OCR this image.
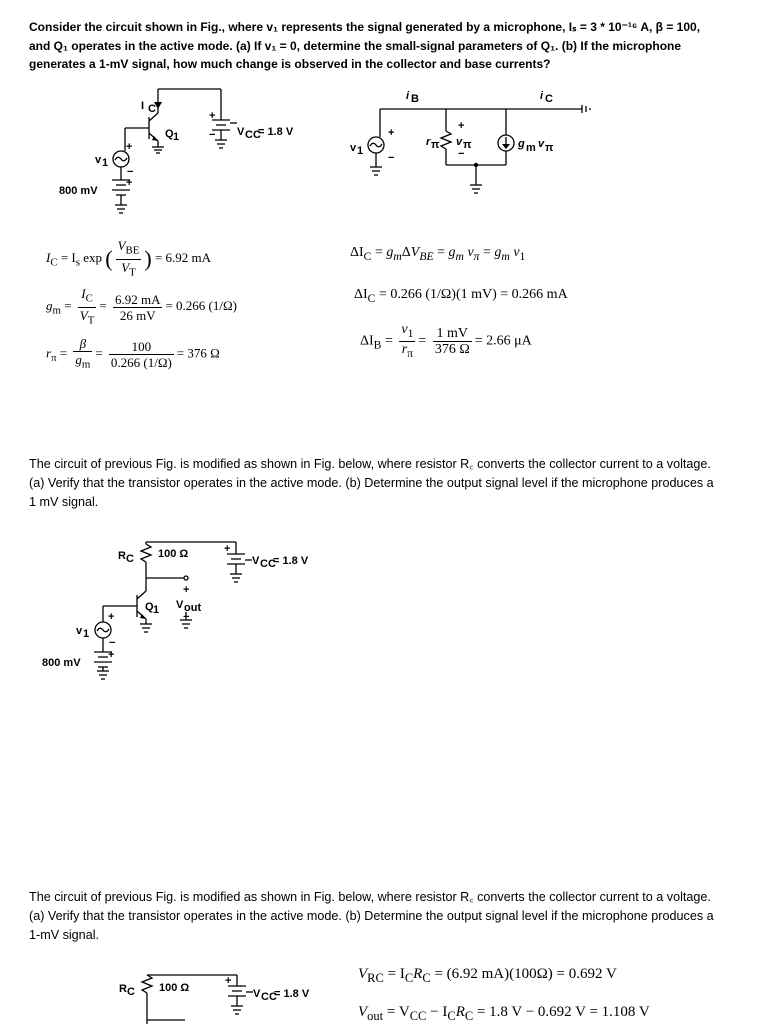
Consider the circuit shown in Fig., where v₁ represents the signal generated by a microphone, Iₛ = 3 * 10⁻¹⁶ A, β = 100, and Q₁ operates in the active mode. (a) If v₁ = 0, determine the small-signal parameters of Q₁. (b) If the microphone generates a 1-mV signal, how much change is observed in the collector and base currents?
I C
Q 1	V CC
= 1.8 V
+
−
v 1
+
−
+
800 mV
i B	i C
v 1
+
−
r π
+
−
v π	g m v π
$I_C = I_s$ exp ( $\frac{V_{BE}}{V_T}$ ) = 6.92 mA
$g_m = \frac{I_C}{V_T} = \frac{6.92 mA}{26 mV} = 0.266$ (1/Ω)
$r_\pi = \frac{\beta}{g_m} = \frac{100}{0.266 (1/\Omega)} = 376$ Ω
$\Delta I_C = g_m\Delta V_{BE} = g_m$ $v_\pi = g_m$ $v_1$
$\Delta I_C = 0.266$ (1/Ω)(1 mV) = 0.266 mA
$\Delta I_B = \frac{v_1}{r_\pi} = \frac{1 mV}{376 \Omega} = 2.66$ μA
The circuit of previous Fig. is modified as shown in Fig. below, where resistor R꜀ converts the collector current to a voltage. (a) Verify that the transistor operates in the active mode. (b) Determine the output signal level if the microphone produces a 1 mV signal.
R C 100 Ω	+
V CC
= 1.8 V
+
V out
−
Q 1
v 1
+
−
+
800 mV
The circuit of previous Fig. is modified as shown in Fig. below, where resistor R꜀ converts the collector current to a voltage. (a) Verify that the transistor operates in the active mode. (b) Determine the output signal level if the microphone produces a 1-mV signal.
R C 100 Ω
+
V CC
= 1.8 V
$V_{RC} = I_CR_C = (6.92$ mA)(100Ω) = 0.692 V
$V_{out} = V_{CC} - I_CR_C = 1.8$ V − 0.692 V = 1.108 V
